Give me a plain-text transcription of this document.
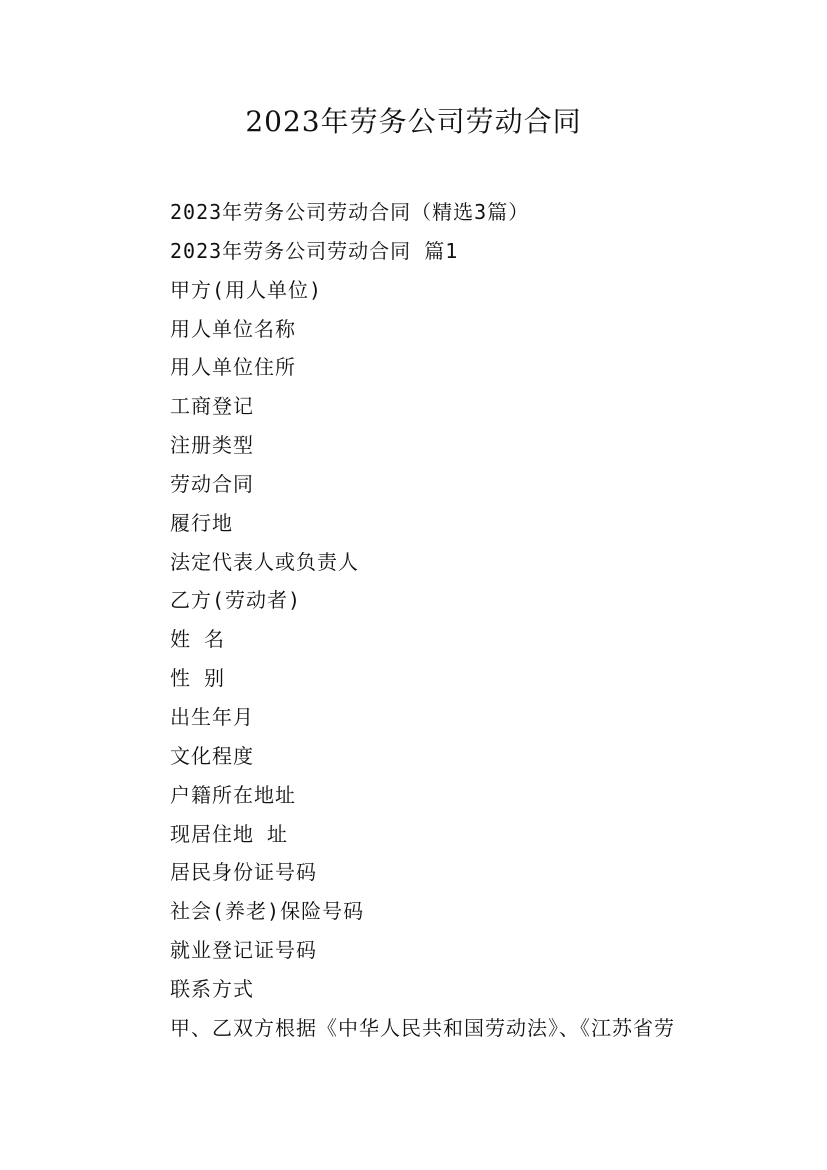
2023年劳务公司劳动合同

2023年劳务公司劳动合同（精选3篇）

2023年劳务公司劳动合同 篇1

甲方(用人单位)

用人单位名称

用人单位住所

工商登记

注册类型

劳动合同

履行地

法定代表人或负责人

乙方(劳动者)

姓 名

性 别

出生年月

文化程度

户籍所在地址

现居住地 址

居民身份证号码

社会(养老)保险号码

就业登记证号码

联系方式

甲、乙双方根据《中华人民共和国劳动法》、《江苏省劳
